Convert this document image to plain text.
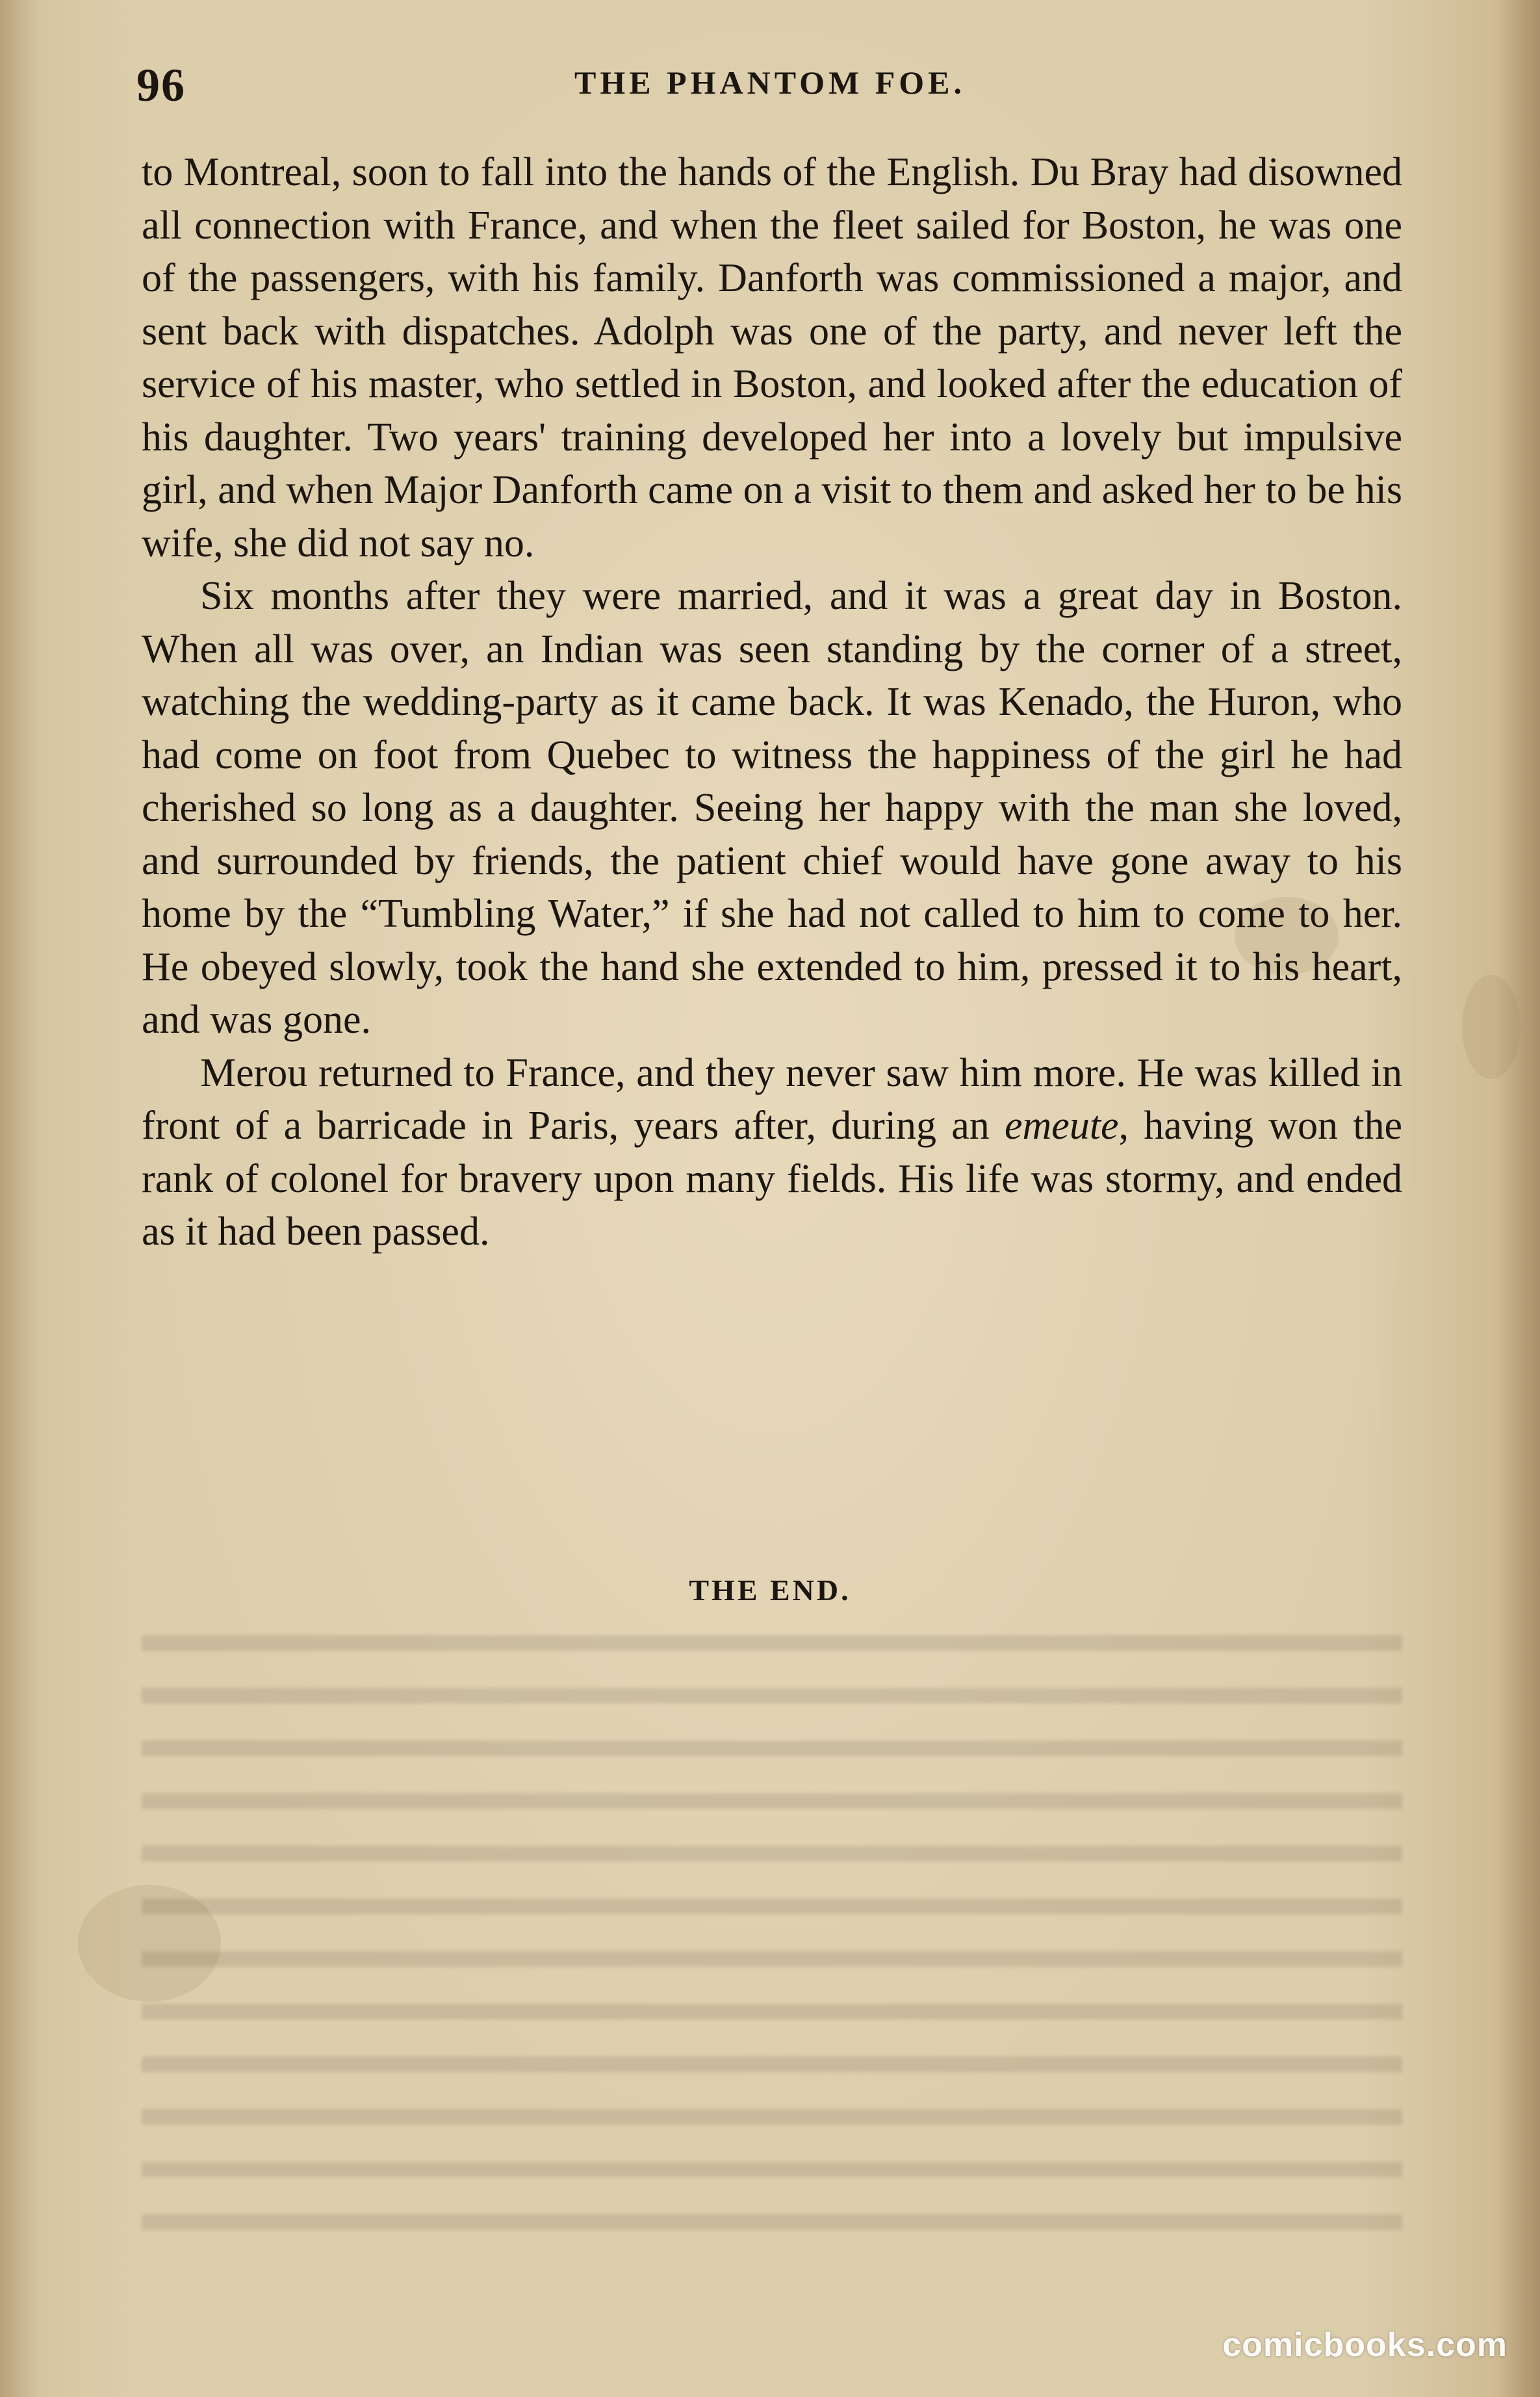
96	THE PHANTOM FOE.

to Montreal, soon to fall into the hands of the English. Du Bray had disowned all connection with France, and when the fleet sailed for Boston, he was one of the passengers, with his family. Danforth was commissioned a major, and sent back with dispatches. Adolph was one of the party, and never left the service of his master, who settled in Boston, and looked after the education of his daughter. Two years' training developed her into a lovely but impulsive girl, and when Major Danforth came on a visit to them and asked her to be his wife, she did not say no.

Six months after they were married, and it was a great day in Boston. When all was over, an Indian was seen standing by the corner of a street, watching the wedding-party as it came back. It was Kenado, the Huron, who had come on foot from Quebec to witness the happiness of the girl he had cherished so long as a daughter. Seeing her happy with the man she loved, and surrounded by friends, the patient chief would have gone away to his home by the “Tumbling Water,” if she had not called to him to come to her. He obeyed slowly, took the hand she extended to him, pressed it to his heart, and was gone.

Merou returned to France, and they never saw him more. He was killed in front of a barricade in Paris, years after, during an emeute, having won the rank of colonel for bravery upon many fields. His life was stormy, and ended as it had been passed.

THE END.
comicbooks.com
